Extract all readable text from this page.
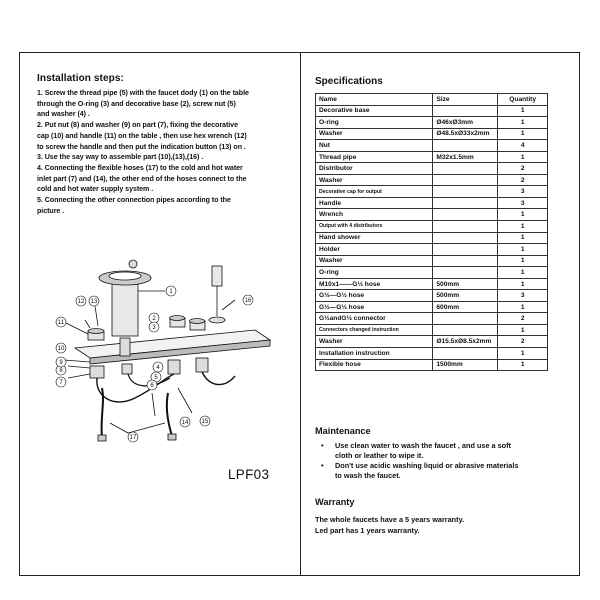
Installation steps:
1. Screw the thread pipe (5) with the faucet dody (1) on the table
through the O-ring (3) and decorative base (2), screw nut (5)
and washer (4) .
2. Put nut (8) and washer (9) on part (7), fixing the decorative
cap (10) and handle (11) on the table , then use hex wrench (12)
to screw the handle and then put the indication button (13) on .
3. Use the say way to assemble part (10),(13),(16) .
4. Connecting the flexible hoses (17) to the cold and hot water
inlet part (7) and (14), the other end of the hoses connect to the
cold and hot water supply system .
5. Connecting the other connection pipes according to the
picture .
1
2
3
4
5
6
7
8
9
10
11
12 13
14 15
16
17
LPF03
Specifications
Name	Size	Quantity
Decorative base		1
O-ring	Ø46xØ3mm	1
Washer	Ø48.5xØ33x2mm	1
Nut		4
Thread pipe	M32x1.5mm	1
Distributor		2
Washer		2
Decorative cap for output		3
Handle		3
Wrench		1
Output with 4 distributors		1
Hand shower		1
Holder		1
Washer		1
O-ring		1
M10x1——G½ hose	500mm	1
G½—G½ hose	500mm	3
G½—G½ hose	600mm	1
G½andG½ connector		2
Connectors changed instruction		1
Washer	Ø15.5xØ8.5x2mm	2
Installation instruction		1
Flexible hose	1500mm	1
Maintenance
• Use clean water to wash the faucet , and use a soft
cloth or leather to wipe it.
• Don't use acidic washing liquid or abrasive materials
to wash the faucet.
Warranty
The whole faucets have a 5 years warranty.
Led part has 1 years warranty.
